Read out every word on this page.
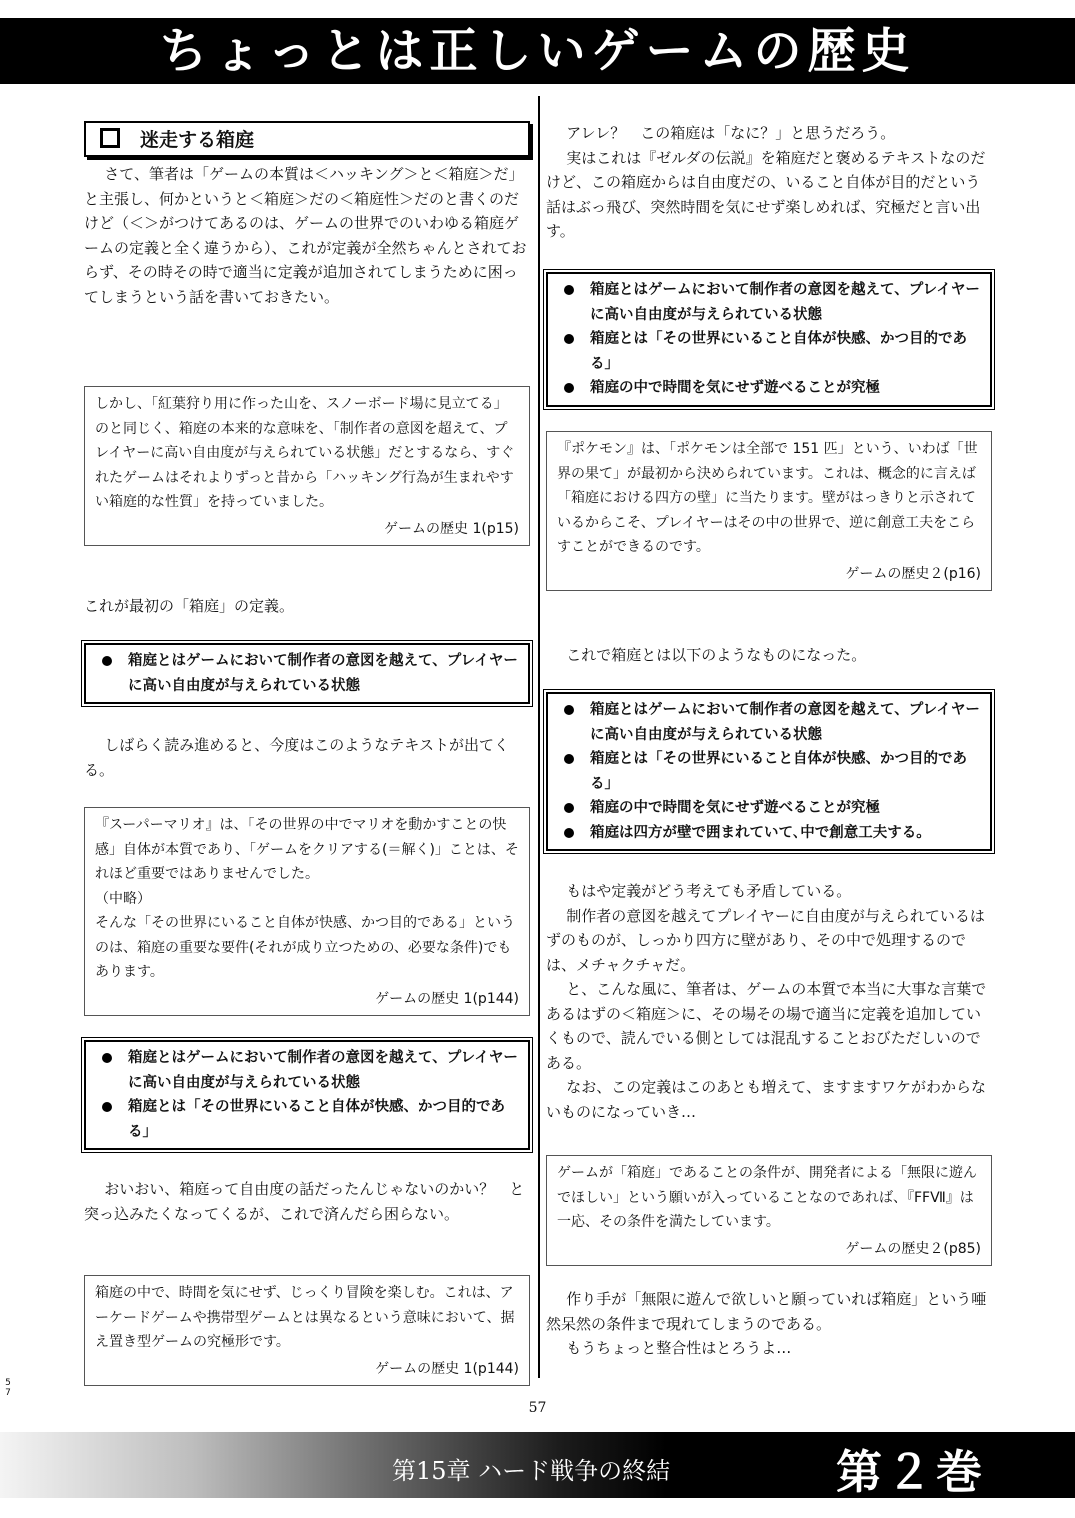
ちょっとは正しいゲームの歴史
迷走する箱庭

さて、筆者は「ゲームの本質は＜ハッキング＞と＜箱庭＞だ」と主張し、何かというと＜箱庭＞だの＜箱庭性＞だのと書くのだけど（＜＞がつけてあるのは、ゲームの世界でのいわゆる箱庭ゲームの定義と全く違うから）、これが定義が全然ちゃんとされておらず、その時その時で適当に定義が追加されてしまうために困ってしまうという話を書いておきたい。

しかし、「紅葉狩り用に作った山を、スノーボード場に見立てる」のと同じく、箱庭の本来的な意味を、「制作者の意図を超えて、プレイヤーに高い自由度が与えられている状態」だとするなら、すぐれたゲームはそれよりずっと昔から「ハッキング行為が生まれやすい箱庭的な性質」を持っていました。

ゲームの歴史 1(p15)

これが最初の「箱庭」の定義。

箱庭とはゲームにおいて制作者の意図を越えて、プレイヤーに高い自由度が与えられている状態

しばらく読み進めると、今度はこのようなテキストが出てくる。

『スーパーマリオ』は、「その世界の中でマリオを動かすことの快感」自体が本質であり、「ゲームをクリアする(＝解く)」ことは、それほど重要ではありませんでした。

（中略）

そんな「その世界にいること自体が快感、かつ目的である」というのは、箱庭の重要な要件(それが成り立つための、必要な条件)でもあります。

ゲームの歴史 1(p144)

箱庭とはゲームにおいて制作者の意図を越えて、プレイヤーに高い自由度が与えられている状態
箱庭とは「その世界にいること自体が快感、かつ目的である」

おいおい、箱庭って自由度の話だったんじゃないのかい？　と突っ込みたくなってくるが、これで済んだら困らない。

箱庭の中で、時間を気にせず、じっくり冒険を楽しむ。これは、アーケードゲームや携帯型ゲームとは異なるという意味において、据え置き型ゲームの究極形です。

ゲームの歴史 1(p144)

アレレ？　この箱庭は「なに？」と思うだろう。

実はこれは『ゼルダの伝説』を箱庭だと褒めるテキストなのだけど、この箱庭からは自由度だの、いること自体が目的だという話はぶっ飛び、突然時間を気にせず楽しめれば、究極だと言い出す。

箱庭とはゲームにおいて制作者の意図を越えて、プレイヤーに高い自由度が与えられている状態
箱庭とは「その世界にいること自体が快感、かつ目的である」
箱庭の中で時間を気にせず遊べることが究極

『ポケモン』は、「ポケモンは全部で 151 匹」という、いわば「世界の果て」が最初から決められています。これは、概念的に言えば「箱庭における四方の壁」に当たります。壁がはっきりと示されているからこそ、プレイヤーはその中の世界で、逆に創意工夫をこらすことができるのです。

ゲームの歴史２(p16)

これで箱庭とは以下のようなものになった。

箱庭とはゲームにおいて制作者の意図を越えて、プレイヤーに高い自由度が与えられている状態
箱庭とは「その世界にいること自体が快感、かつ目的である」
箱庭の中で時間を気にせず遊べることが究極
箱庭は四方が壁で囲まれていて､中で創意工夫する。

もはや定義がどう考えても矛盾している。

制作者の意図を越えてプレイヤーに自由度が与えられているはずのものが、しっかり四方に壁があり、その中で処理するのでは、メチャクチャだ。

と、こんな風に、筆者は、ゲームの本質で本当に大事な言葉であるはずの＜箱庭＞に、その場その場で適当に定義を追加していくもので、読んでいる側としては混乱することおびただしいのである。

なお、この定義はこのあとも増えて、ますますワケがわからないものになっていき…

ゲームが「箱庭」であることの条件が、開発者による「無限に遊んでほしい」という願いが入っていることなのであれば、『FFⅦ』は一応、その条件を満たしています。

ゲームの歴史２(p85)

作り手が「無限に遊んで欲しいと願っていれば箱庭」という唖然呆然の条件まで現れてしまうのである。

もうちょっと整合性はとろうよ…

5
7
57
第15章 ハード戦争の終結	第２巻
